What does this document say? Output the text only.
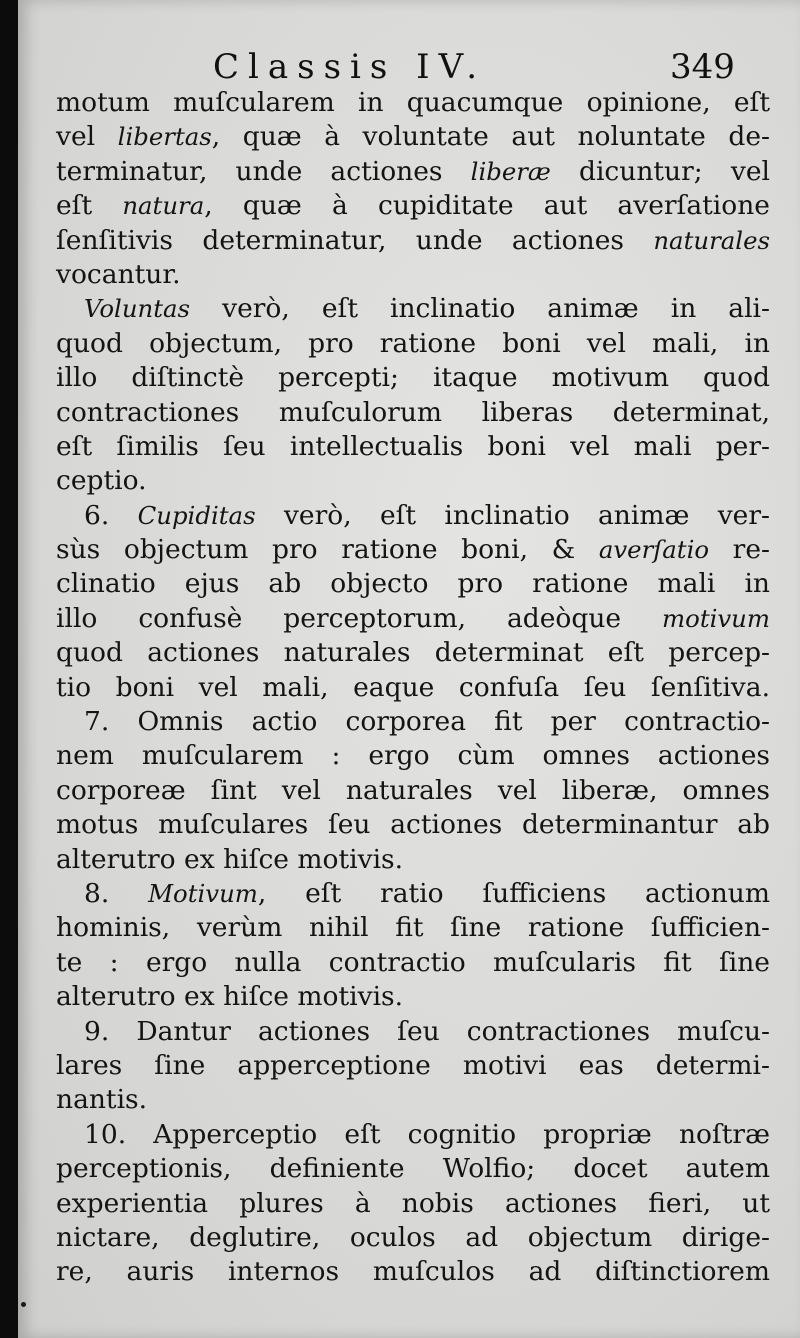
Classis IV.	349
motum muſcularem in quacumque opinione, eſt
vel libertas, quæ à voluntate aut noluntate de-
terminatur, unde actiones liberæ dicuntur; vel
eſt natura, quæ à cupiditate aut averſatione
ſenſitivis determinatur, unde actiones naturales
vocantur.
Voluntas verò, eſt inclinatio animæ in ali-
quod objectum, pro ratione boni vel mali, in
illo diſtinctè percepti; itaque motivum quod
contractiones muſculorum liberas determinat,
eſt ſimilis ſeu intellectualis boni vel mali per-
ceptio.
6. Cupiditas verò, eſt inclinatio animæ ver-
sùs objectum pro ratione boni, & averſatio re-
clinatio ejus ab objecto pro ratione mali in
illo confusè perceptorum, adeòque motivum
quod actiones naturales determinat eſt percep-
tio boni vel mali, eaque confuſa ſeu ſenſitiva.
7. Omnis actio corporea fit per contractio-
nem muſcularem : ergo cùm omnes actiones
corporeæ ſint vel naturales vel liberæ, omnes
motus muſculares ſeu actiones determinantur ab
alterutro ex hiſce motivis.
8. Motivum, eſt ratio ſufficiens actionum
hominis, verùm nihil fit ſine ratione ſufficien-
te : ergo nulla contractio muſcularis fit ſine
alterutro ex hiſce motivis.
9. Dantur actiones ſeu contractiones muſcu-
lares ſine apperceptione motivi eas determi-
nantis.
10. Apperceptio eſt cognitio propriæ noſtræ
perceptionis, definiente Wolfio; docet autem
experientia plures à nobis actiones fieri, ut
nictare, deglutire, oculos ad objectum dirige-
re, auris internos muſculos ad diſtinctiorem
